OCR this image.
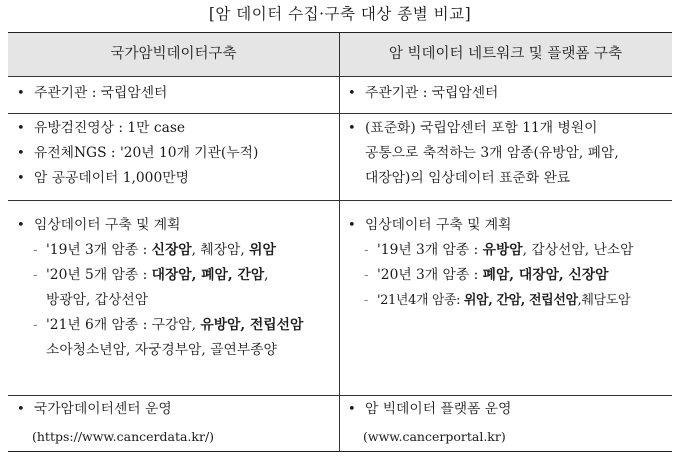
[암 데이터 수집·구축 대상 종별 비교]
국가암빅데이터구축	암 빅데이터 네트워크 및 플랫폼 구축
• 주관기관 : 국립암센터
• 유방검진영상 : 1만 case
• 유전체NGS : '20년 10개 기관(누적)
• 암 공공데이터 1,000만명
• 임상데이터 구축 및 계획
- '19년 3개 암종 : 신장암, 췌장암, 위암
- '20년 5개 암종 : 대장암, 폐암, 간암,
방광암, 갑상선암
- '21년 6개 암종 : 구강암, 유방암, 전립선암
소아청소년암, 자궁경부암, 골연부종양
• 국가암데이터센터 운영
(https://www.cancerdata.kr/)
• 주관기관 : 국립암센터
• (표준화) 국립암센터 포함 11개 병원이
공통으로 축적하는 3개 암종(유방암, 폐암,
대장암)의 임상데이터 표준화 완료
• 임상데이터 구축 및 계획
- '19년 3개 암종 : 유방암, 갑상선암, 난소암
- '20년 3개 암종 : 폐암, 대장암, 신장암
- '21년4개 암종: 위암, 간암, 전립선암,췌담도암
• 암 빅데이터 플랫폼 운영
(www.cancerportal.kr)
